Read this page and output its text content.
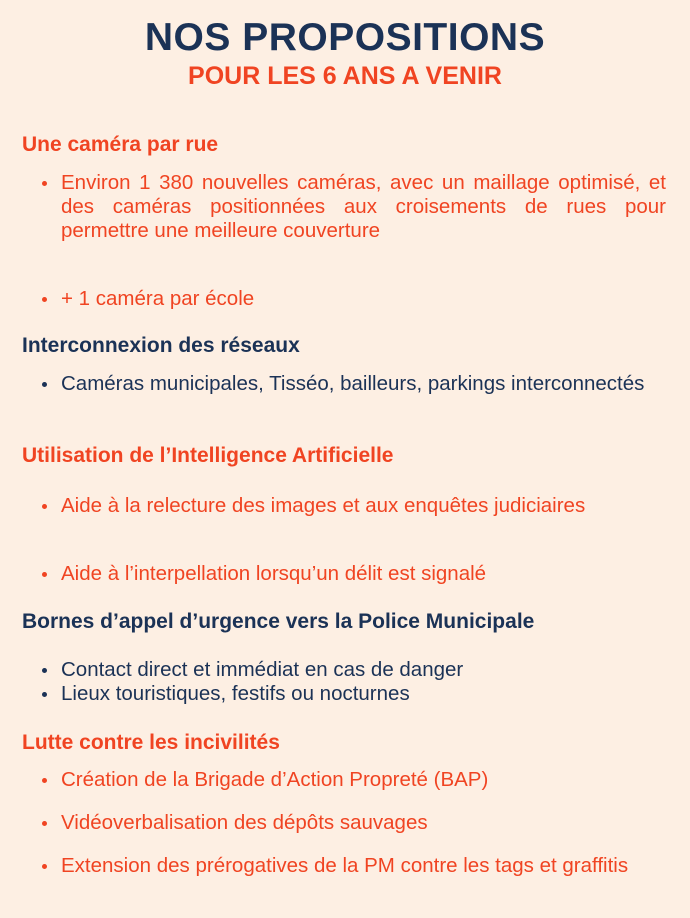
NOS PROPOSITIONS
POUR LES 6 ANS A VENIR
Une caméra par rue
Environ 1 380 nouvelles caméras, avec un maillage optimisé, et des caméras positionnées aux croisements de rues pour permettre une meilleure couverture
+ 1 caméra par école
Interconnexion des réseaux
Caméras municipales, Tisséo, bailleurs, parkings interconnectés
Utilisation de l’Intelligence Artificielle
Aide à la relecture des images et aux enquêtes judiciaires
Aide à l’interpellation lorsqu’un délit est signalé
Bornes d’appel d’urgence vers la Police Municipale
Contact direct et immédiat en cas de danger
Lieux touristiques, festifs ou nocturnes
Lutte contre les incivilités
Création de la Brigade d’Action Propreté (BAP)
Vidéoverbalisation des dépôts sauvages
Extension des prérogatives de la PM contre les tags et graffitis
